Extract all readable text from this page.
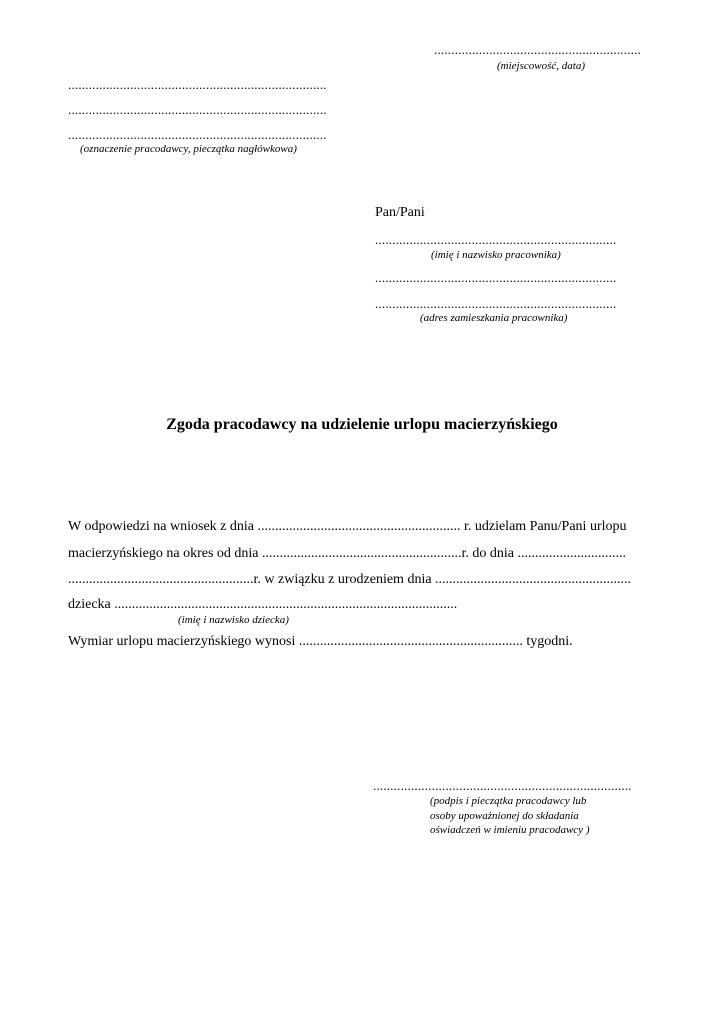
............................................................
(miejscowość, data)
...........................................................................
...........................................................................
...........................................................................
(oznaczenie pracodawcy, pieczątka nagłówkowa)
Pan/Pani
......................................................................
(imię i nazwisko pracownika)
......................................................................
......................................................................
(adres zamieszkania pracownika)
Zgoda pracodawcy na udzielenie urlopu macierzyńskiego
W odpowiedzi na wniosek z dnia .......................................................... r. udzielam Panu/Pani urlopu
macierzyńskiego na okres od dnia .........................................................r. do dnia ...............................
.....................................................r. w związku z urodzeniem dnia ........................................................
dziecka ..................................................................................................
(imię i nazwisko dziecka)
Wymiar urlopu macierzyńskiego wynosi ................................................................ tygodni.
...........................................................................
(podpis i pieczątka pracodawcy lub
osoby upoważnionej do składania
oświadczeń w imieniu pracodawcy )
